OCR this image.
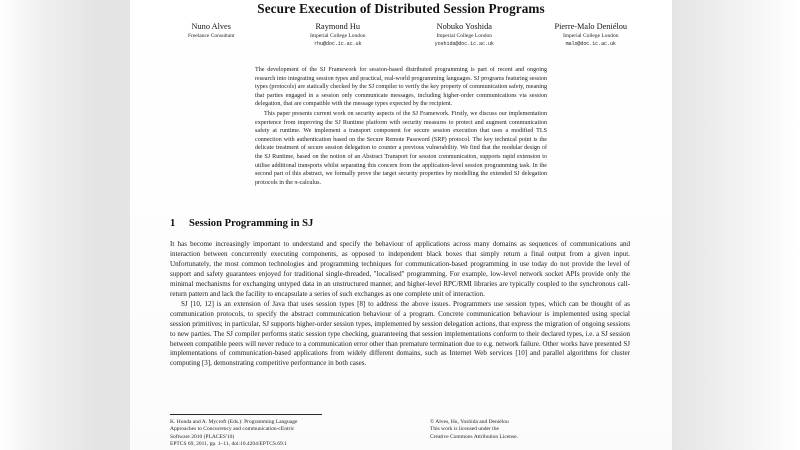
Secure Execution of Distributed Session Programs
Nuno Alves
Freelance Consultant
Raymond Hu
Imperial College London
rhu@doc.ic.ac.uk
Nobuko Yoshida
Imperial College London
yoshida@doc.ic.ac.uk
Pierre-Malo Deniélou
Imperial College London
malo@doc.ic.ac.uk

The development of the SJ Framework for session-based distributed programming is part of recent and ongoing research into integrating session types and practical, real-world programming languages. SJ programs featuring session types (protocols) are statically checked by the SJ compiler to verify the key property of communication safety, meaning that parties engaged in a session only communicate messages, including higher-order communications via session delegation, that are compatible with the message types expected by the recipient.

This paper presents current work on security aspects of the SJ Framework. Firstly, we discuss our implementation experience from improving the SJ Runtime platform with security measures to protect and augment communication safety at runtime. We implement a transport component for secure session execution that uses a modified TLS connection with authentication based on the Secure Remote Password (SRP) protocol. The key technical point is the delicate treatment of secure session delegation to counter a previous vulnerability. We find that the modular design of the SJ Runtime, based on the notion of an Abstract Transport for session communication, supports rapid extension to utilise additional transports whilst separating this concern from the application-level session programming task. In the second part of this abstract, we formally prove the target security properties by modelling the extended SJ delegation protocols in the π-calculus.

1 Session Programming in SJ

It has become increasingly important to understand and specify the behaviour of applications across many domains as sequences of communications and interaction between concurrently executing components, as opposed to independent black boxes that simply return a final output from a given input. Unfortunately, the most common technologies and programming techniques for communication-based programming in use today do not provide the level of support and safety guarantees enjoyed for traditional single-threaded, "localised" programming. For example, low-level network socket APIs provide only the minimal mechanisms for exchanging untyped data in an unstructured manner, and higher-level RPC/RMI libraries are typically coupled to the synchronous call-return pattern and lack the facility to encapsulate a series of such exchanges as one complete unit of interaction.

SJ [10, 12] is an extension of Java that uses session types [8] to address the above issues. Programmers use session types, which can be thought of as communication protocols, to specify the abstract communication behaviour of a program. Concrete communication behaviour is implemented using special session primitives; in particular, SJ supports higher-order session types, implemented by session delegation actions, that express the migration of ongoing sessions to new parties. The SJ compiler performs static session type checking, guaranteeing that session implementations conform to their declared types, i.e. a SJ session between compatible peers will never reduce to a communication error other than premature termination due to e.g. network failure. Other works have presented SJ implementations of communication-based applications from widely different domains, such as Internet Web services [10] and parallel algorithms for cluster computing [3], demonstrating competitive performance in both cases.

K. Honda and A. Mycroft (Eds.): Programming Language
Approaches to Concurrency and communication-cEntric
Software 2010 (PLACES'10)
EPTCS 69, 2011, pp. 1–11, doi:10.4204/EPTCS.69.1
© Alves, Hu, Yoshida and Deniélou
This work is licensed under the
Creative Commons Attribution License.
